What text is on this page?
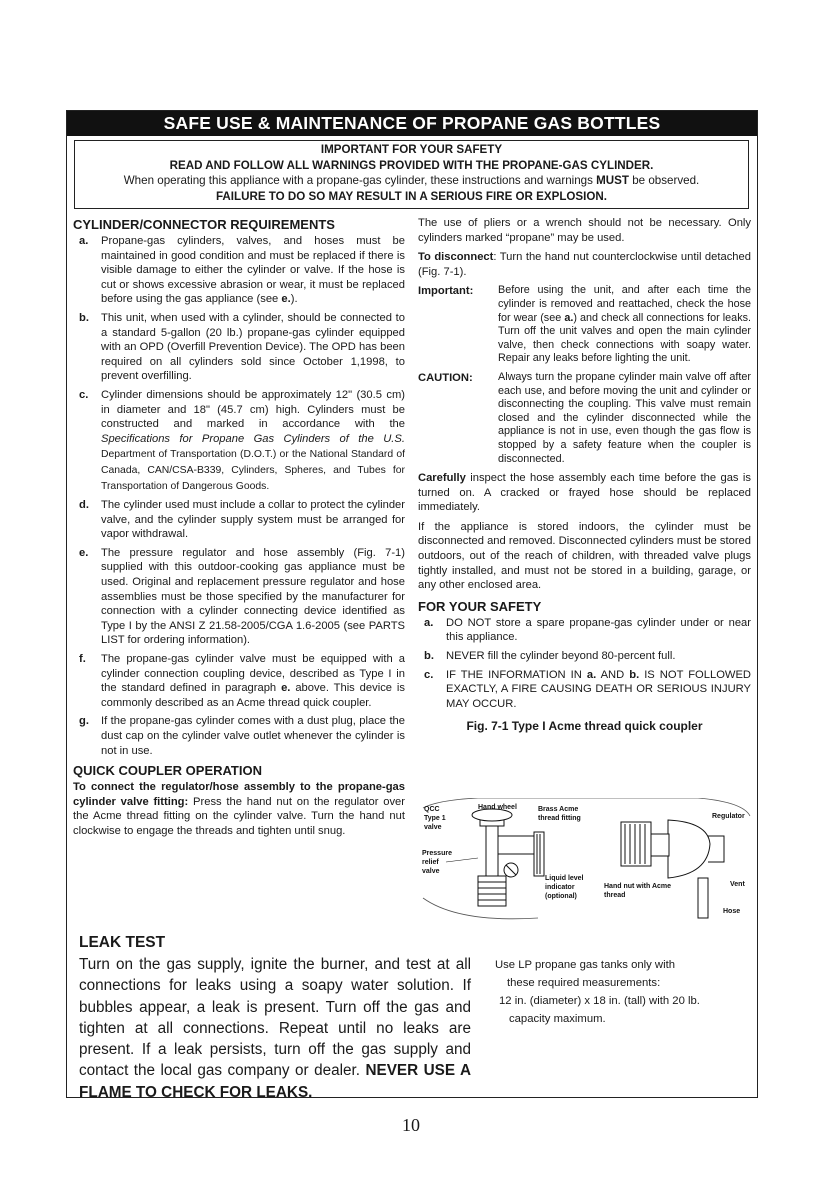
SAFE USE & MAINTENANCE OF PROPANE GAS BOTTLES
IMPORTANT FOR YOUR SAFETY
READ AND FOLLOW ALL WARNINGS PROVIDED WITH THE PROPANE-GAS CYLINDER.
When operating this appliance with a propane-gas cylinder, these instructions and warnings MUST be observed.
FAILURE TO DO SO MAY RESULT IN A SERIOUS FIRE OR EXPLOSION.
CYLINDER/CONNECTOR REQUIREMENTS
a. Propane-gas cylinders, valves, and hoses must be maintained in good condition and must be replaced if there is visible damage to either the cylinder or valve. If the hose is cut or shows excessive abrasion or wear, it must be replaced before using the gas appliance (see e.).
b. This unit, when used with a cylinder, should be connected to a standard 5-gallon (20 lb.) propane-gas cylinder equipped with an OPD (Overfill Prevention Device). The OPD has been required on all cylinders sold since October 1,1998, to prevent overfilling.
c. Cylinder dimensions should be approximately 12" (30.5 cm) in diameter and 18" (45.7 cm) high. Cylinders must be constructed and marked in accordance with the Specifications for Propane Gas Cylinders of the U.S. Department of Transportation (D.O.T.) or the National Standard of Canada, CAN/CSA-B339, Cylinders, Spheres, and Tubes for Transportation of Dangerous Goods.
d. The cylinder used must include a collar to protect the cylinder valve, and the cylinder supply system must be arranged for vapor withdrawal.
e. The pressure regulator and hose assembly (Fig. 7-1) supplied with this outdoor-cooking gas appliance must be used. Original and replacement pressure regulator and hose assemblies must be those specified by the manufacturer for connection with a cylinder connecting device identified as Type I by the ANSI Z 21.58-2005/CGA 1.6-2005 (see PARTS LIST for ordering information).
f. The propane-gas cylinder valve must be equipped with a cylinder connection coupling device, described as Type I in the standard defined in paragraph e. above. This device is commonly described as an Acme thread quick coupler.
g. If the propane-gas cylinder comes with a dust plug, place the dust cap on the cylinder valve outlet whenever the cylinder is not in use.
QUICK COUPLER OPERATION
To connect the regulator/hose assembly to the propane-gas cylinder valve fitting: Press the hand nut on the regulator over the Acme thread fitting on the cylinder valve. Turn the hand nut clockwise to engage the threads and tighten until snug.
The use of pliers or a wrench should not be necessary. Only cylinders marked “propane” may be used.
To disconnect: Turn the hand nut counterclockwise until detached (Fig. 7-1).
Important:	Before using the unit, and after each time the cylinder is removed and reattached, check the hose for wear (see a.) and check all connections for leaks. Turn off the unit valves and open the main cylinder valve, then check connections with soapy water. Repair any leaks before lighting the unit.
CAUTION:	Always turn the propane cylinder main valve off after each use, and before moving the unit and cylinder or disconnecting the coupling. This valve must remain closed and the cylinder disconnected while the appliance is not in use, even though the gas flow is stopped by a safety feature when the coupler is disconnected.
Carefully inspect the hose assembly each time before the gas is turned on. A cracked or frayed hose should be replaced immediately.
If the appliance is stored indoors, the cylinder must be disconnected and removed. Disconnected cylinders must be stored outdoors, out of the reach of children, with threaded valve plugs tightly installed, and must not be stored in a building, garage, or any other enclosed area.
FOR YOUR SAFETY
a. DO NOT store a spare propane-gas cylinder under or near this appliance.
b. NEVER fill the cylinder beyond 80-percent full.
c. IF THE INFORMATION IN a. AND b. IS NOT FOLLOWED EXACTLY, A FIRE CAUSING DEATH OR SERIOUS INJURY MAY OCCUR.
Fig. 7-1 Type I Acme thread quick coupler
QCC
Type 1
valve
Hand wheel	Brass Acme
thread fitting
Pressure
relief
valve
Liquid level
indicator
(optional)
Hand nut with Acme
thread
Regulator
Vent
Hose
LEAK TEST

Turn on the gas supply, ignite the burner, and test at all connections for leaks using a soapy water solution. If bubbles appear, a leak is present. Turn off the gas and tighten at all connections. Repeat until no leaks are present. If a leak persists, turn off the gas supply and contact the local gas company or dealer. NEVER USE A FLAME TO CHECK FOR LEAKS.

Use LP propane gas tanks only with
these required measurements:
12 in. (diameter) x 18 in. (tall) with 20 lb.
capacity maximum.
10
